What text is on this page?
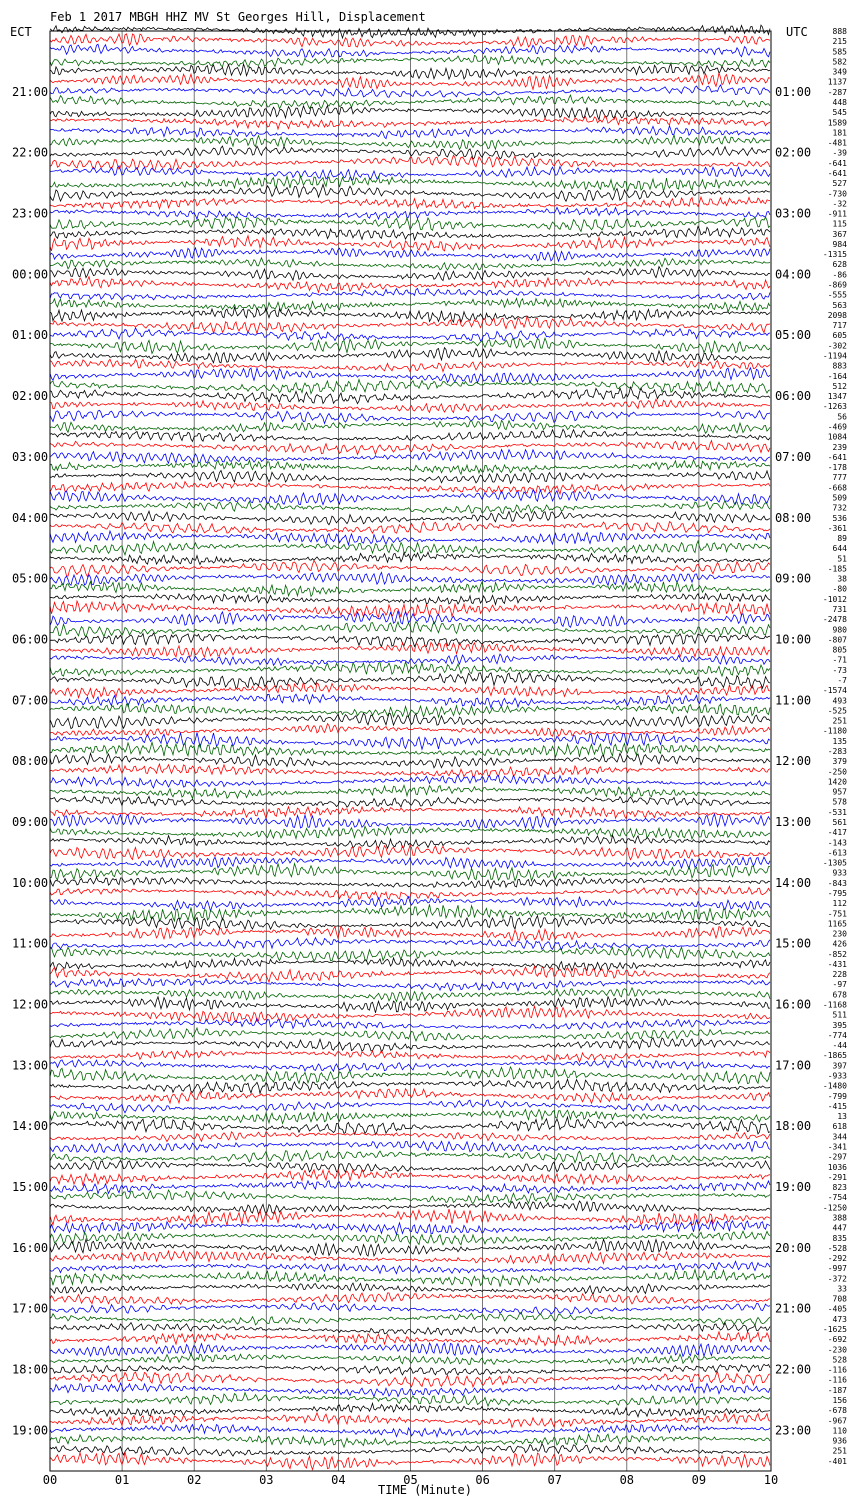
Feb 1 2017 MBGH HHZ MV St Georges Hill, Displacement
ECT	UTC
TIME (Minute)
21:00
22:00
23:00
00:00
01:00
02:00
03:00
04:00
05:00
06:00
07:00
08:00
09:00
10:00
11:00
12:00
13:00
14:00
15:00
16:00
17:00
18:00
19:00
01:00
02:00
03:00
04:00
05:00
06:00
07:00
08:00
09:00
10:00
11:00
12:00
13:00
14:00
15:00
16:00
17:00
18:00
19:00
20:00
21:00
22:00
23:00
888
215
585
582
349
1137
-287
448
545
1589
181
-481
-39
-641
-641
527
-730
-32
-911
115
367
984
-1315
628
-86
-869
-555
563
2098
717
605
-302
-1194
883
-164
512
1347
-1263
56
-469
1084
239
-641
-178
777
-668
509
732
536
-361
89
644
51
-185
38
-80
-1012
731
-2478
980
-807
805
-71
-73
-7
-1574
493
-525
251
-1180
135
-283
379
-250
1420
957
578
-531
561
-417
-143
-613
-1305
933
-843
-795
112
-751
1165
230
426
-852
-431
228
-97
678
-1168
511
395
-774
-44
-1865
397
-933
-1480
-799
-415
13
618
344
-341
-297
1036
-291
823
-754
-1250
388
447
835
-528
-292
-997
-372
33
708
-405
473
-1625
-692
-230
528
-116
-116
-187
156
-678
-967
110
936
251
-401
00	01	02	03	04	05	06	07	08	09	10
